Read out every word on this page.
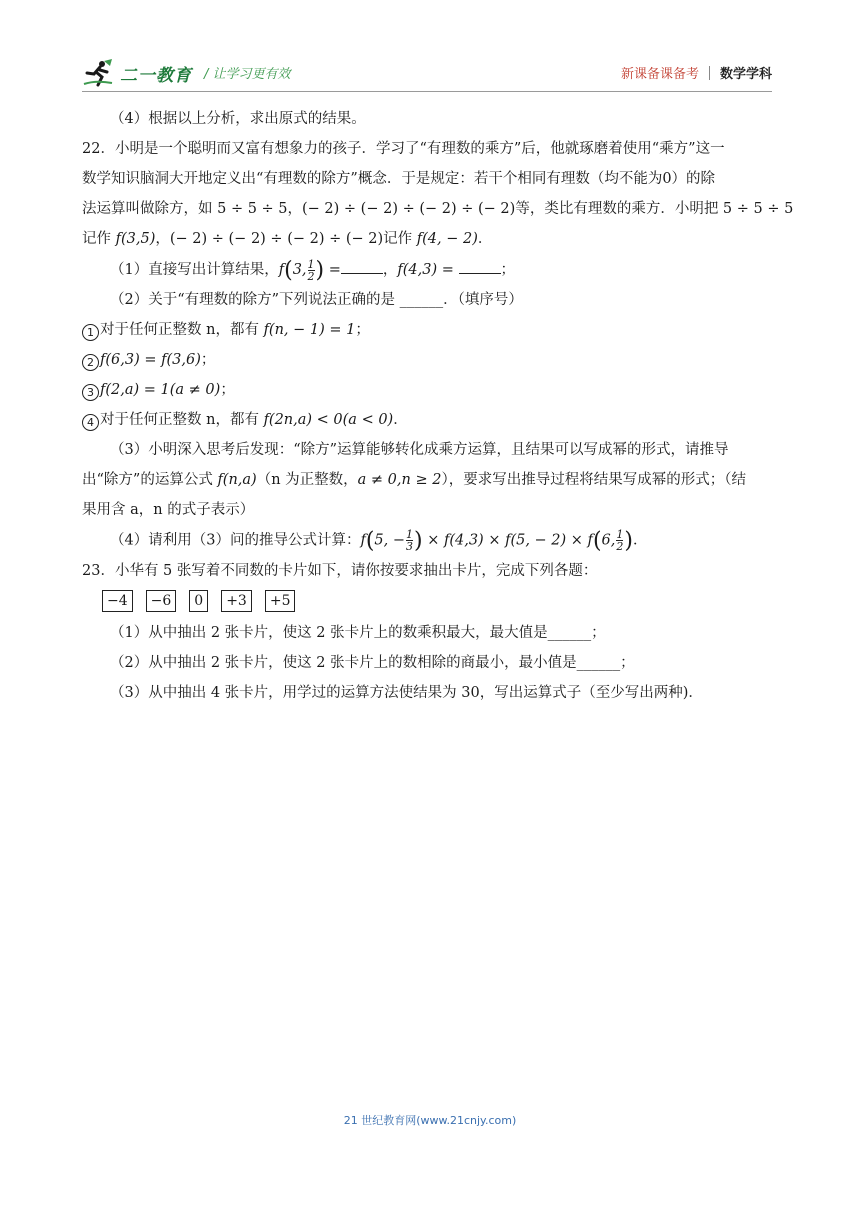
二一教育 / 让学习更有效	新课备课备考 数学学科

（4）根据以上分析，求出原式的结果。

22．小明是一个聪明而又富有想象力的孩子．学习了“有理数的乘方”后，他就琢磨着使用“乘方”这一

数学知识脑洞大开地定义出“有理数的除方”概念．于是规定：若干个相同有理数（均不能为0）的除

法运算叫做除方，如 5 ÷ 5 ÷ 5，(− 2) ÷ (− 2) ÷ (− 2) ÷ (− 2)等，类比有理数的乘方．小明把 5 ÷ 5 ÷ 5

记作 f(3,5)，(− 2) ÷ (− 2) ÷ (− 2) ÷ (− 2)记作 f(4, − 2)．

（1）直接写出计算结果，f(3, $\frac{1}{2}$ ) =	，f(4,3) =	；

（2）关于“有理数的除方”下列说法正确的是 ______．（填序号）

1 对于任何正整数 n，都有 f(n, − 1) = 1；

2 f(6,3) = f(3,6)；

3 f(2,a) = 1(a ≠ 0)；

4 对于任何正整数 n，都有 f(2n,a) < 0(a < 0)．

（3）小明深入思考后发现：“除方”运算能够转化成乘方运算，且结果可以写成幂的形式，请推导

出“除方”的运算公式 f(n,a)（n 为正整数，a ≠ 0,n ≥ 2），要求写出推导过程将结果写成幂的形式；（结

果用含 a，n 的式子表示）

（4）请利用（3）问的推导公式计算：f(5, − $\frac{1}{3}$ ) × f(4,3) × f(5, − 2) × f(6, $\frac{1}{2}$ )．

23．小华有 5 张写着不同数的卡片如下，请你按要求抽出卡片，完成下列各题：

−4	−6	0	+3	+5

（1）从中抽出 2 张卡片，使这 2 张卡片上的数乘积最大，最大值是______；

（2）从中抽出 2 张卡片，使这 2 张卡片上的数相除的商最小，最小值是______；

（3）从中抽出 4 张卡片，用学过的运算方法使结果为 30，写出运算式子（至少写出两种)．

21 世纪教育网(www.21cnjy.com)
